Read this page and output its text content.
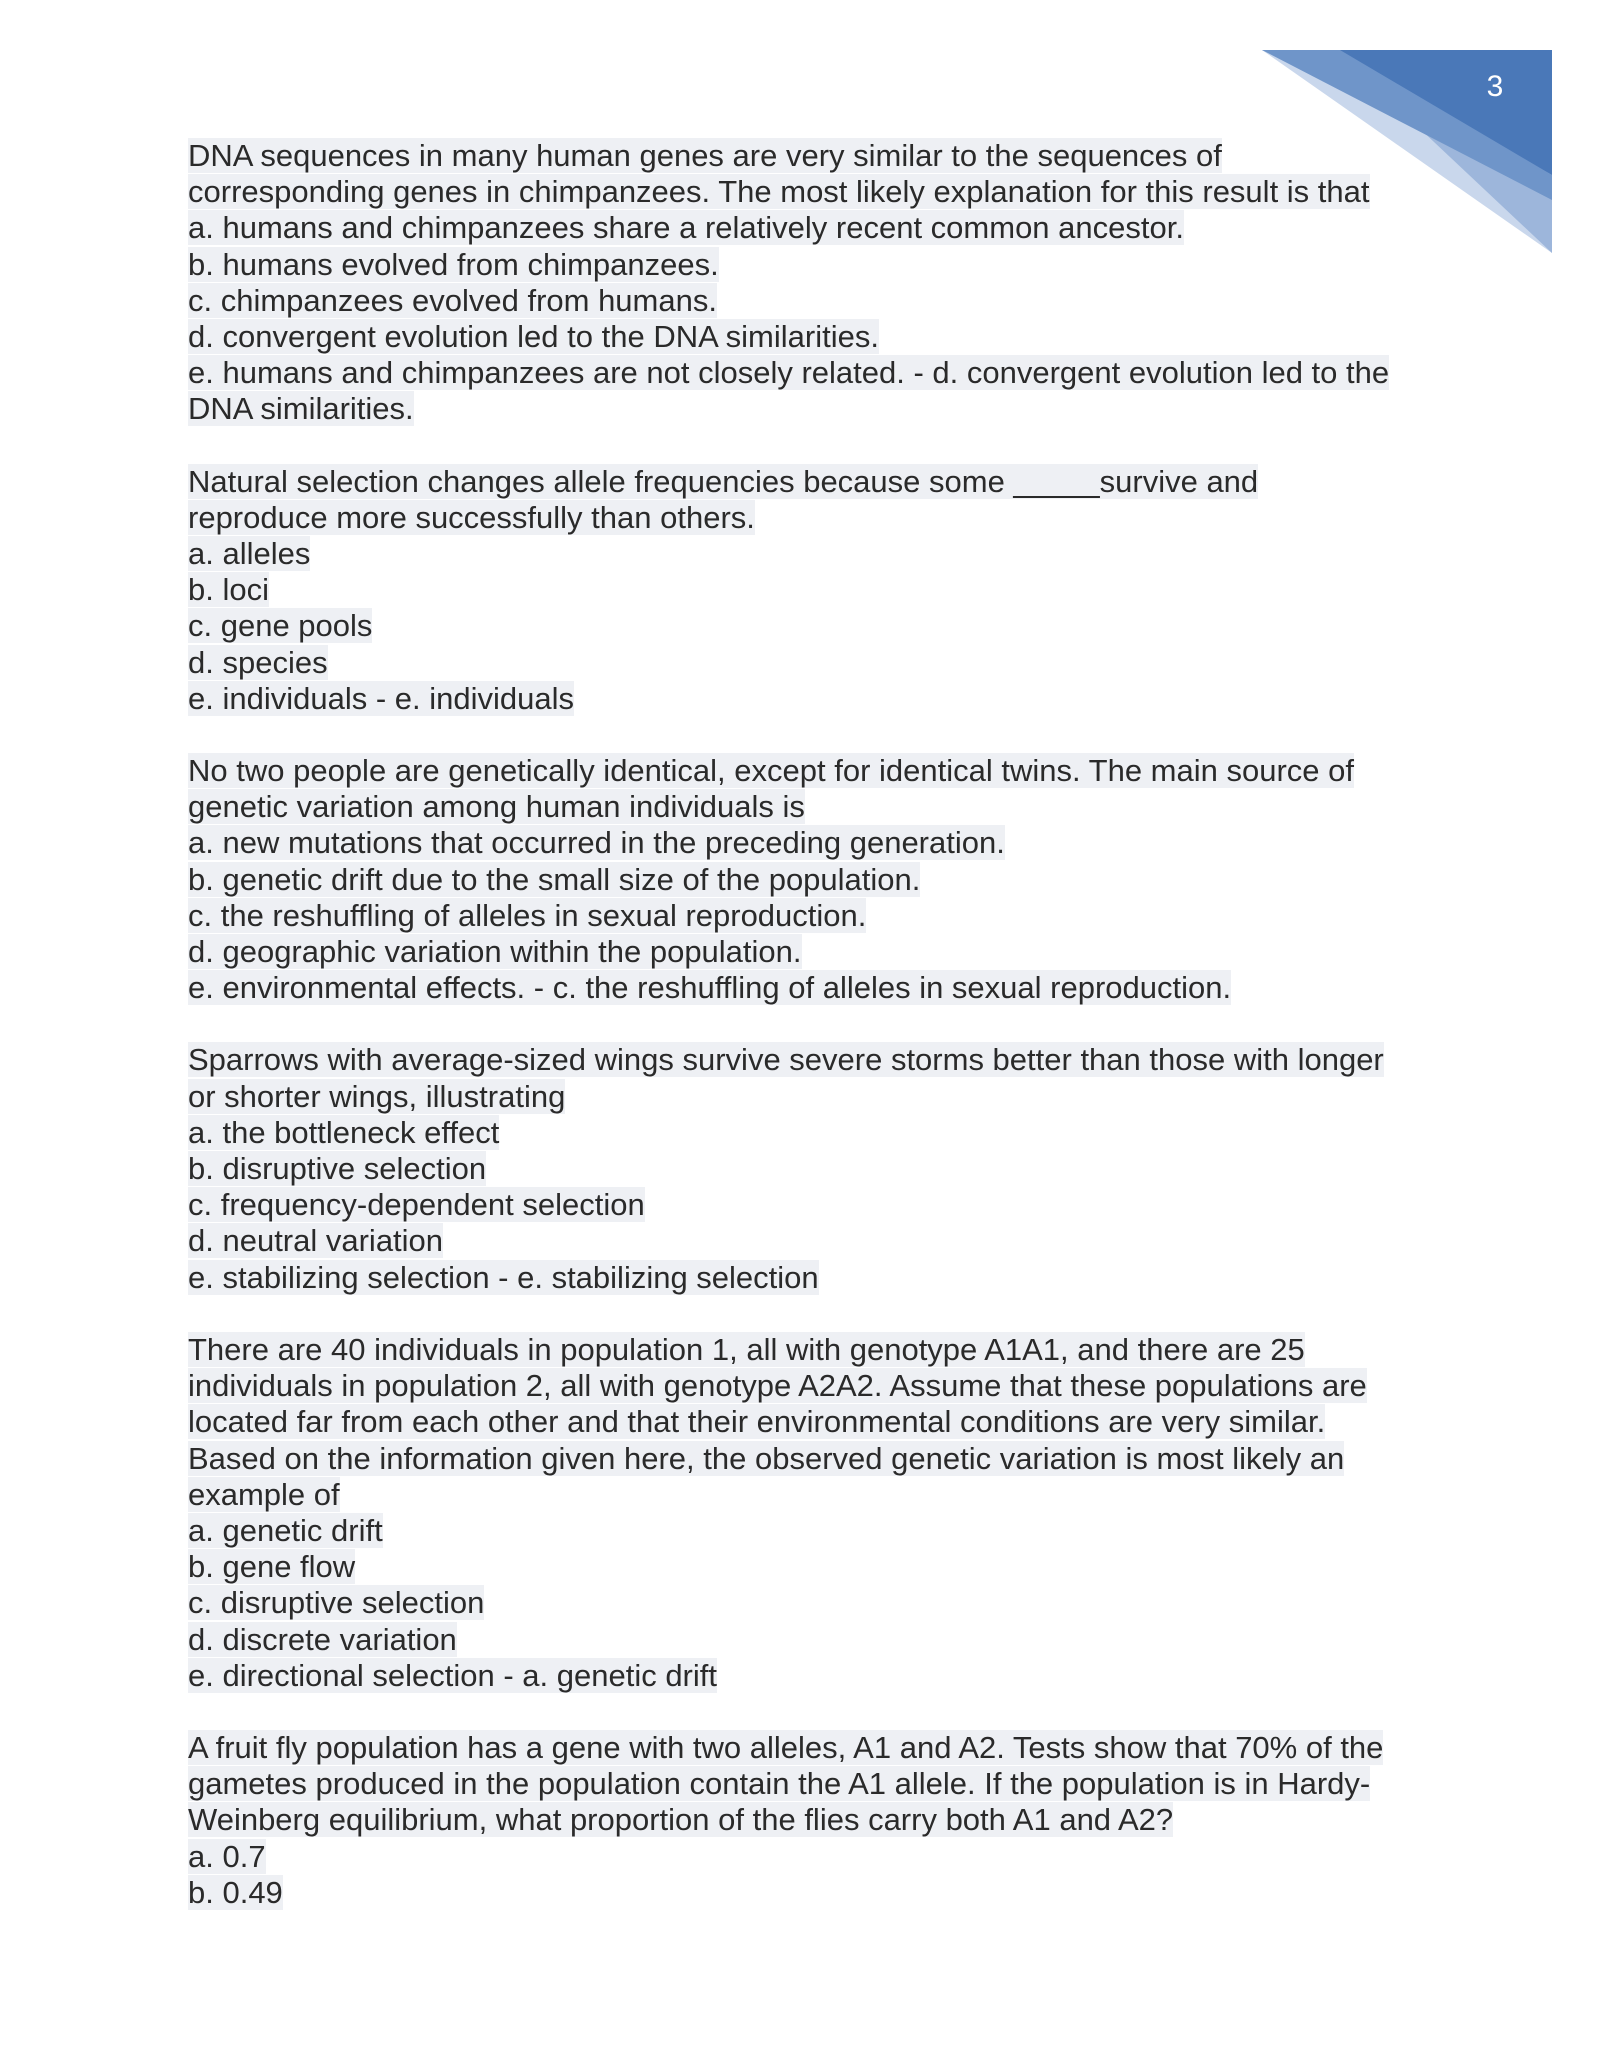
3
DNA sequences in many human genes are very similar to the sequences of
corresponding genes in chimpanzees. The most likely explanation for this result is that
a. humans and chimpanzees share a relatively recent common ancestor.
b. humans evolved from chimpanzees.
c. chimpanzees evolved from humans.
d. convergent evolution led to the DNA similarities.
e. humans and chimpanzees are not closely related. - d. convergent evolution led to the
DNA similarities.
Natural selection changes allele frequencies because some _____survive and
reproduce more successfully than others.
a. alleles
b. loci
c. gene pools
d. species
e. individuals - e. individuals
No two people are genetically identical, except for identical twins. The main source of
genetic variation among human individuals is
a. new mutations that occurred in the preceding generation.
b. genetic drift due to the small size of the population.
c. the reshuffling of alleles in sexual reproduction.
d. geographic variation within the population.
e. environmental effects. - c. the reshuffling of alleles in sexual reproduction.
Sparrows with average-sized wings survive severe storms better than those with longer
or shorter wings, illustrating
a. the bottleneck effect
b. disruptive selection
c. frequency-dependent selection
d. neutral variation
e. stabilizing selection - e. stabilizing selection
There are 40 individuals in population 1, all with genotype A1A1, and there are 25
individuals in population 2, all with genotype A2A2. Assume that these populations are
located far from each other and that their environmental conditions are very similar.
Based on the information given here, the observed genetic variation is most likely an
example of
a. genetic drift
b. gene flow
c. disruptive selection
d. discrete variation
e. directional selection - a. genetic drift
A fruit fly population has a gene with two alleles, A1 and A2. Tests show that 70% of the
gametes produced in the population contain the A1 allele. If the population is in Hardy-
Weinberg equilibrium, what proportion of the flies carry both A1 and A2?
a. 0.7
b. 0.49
